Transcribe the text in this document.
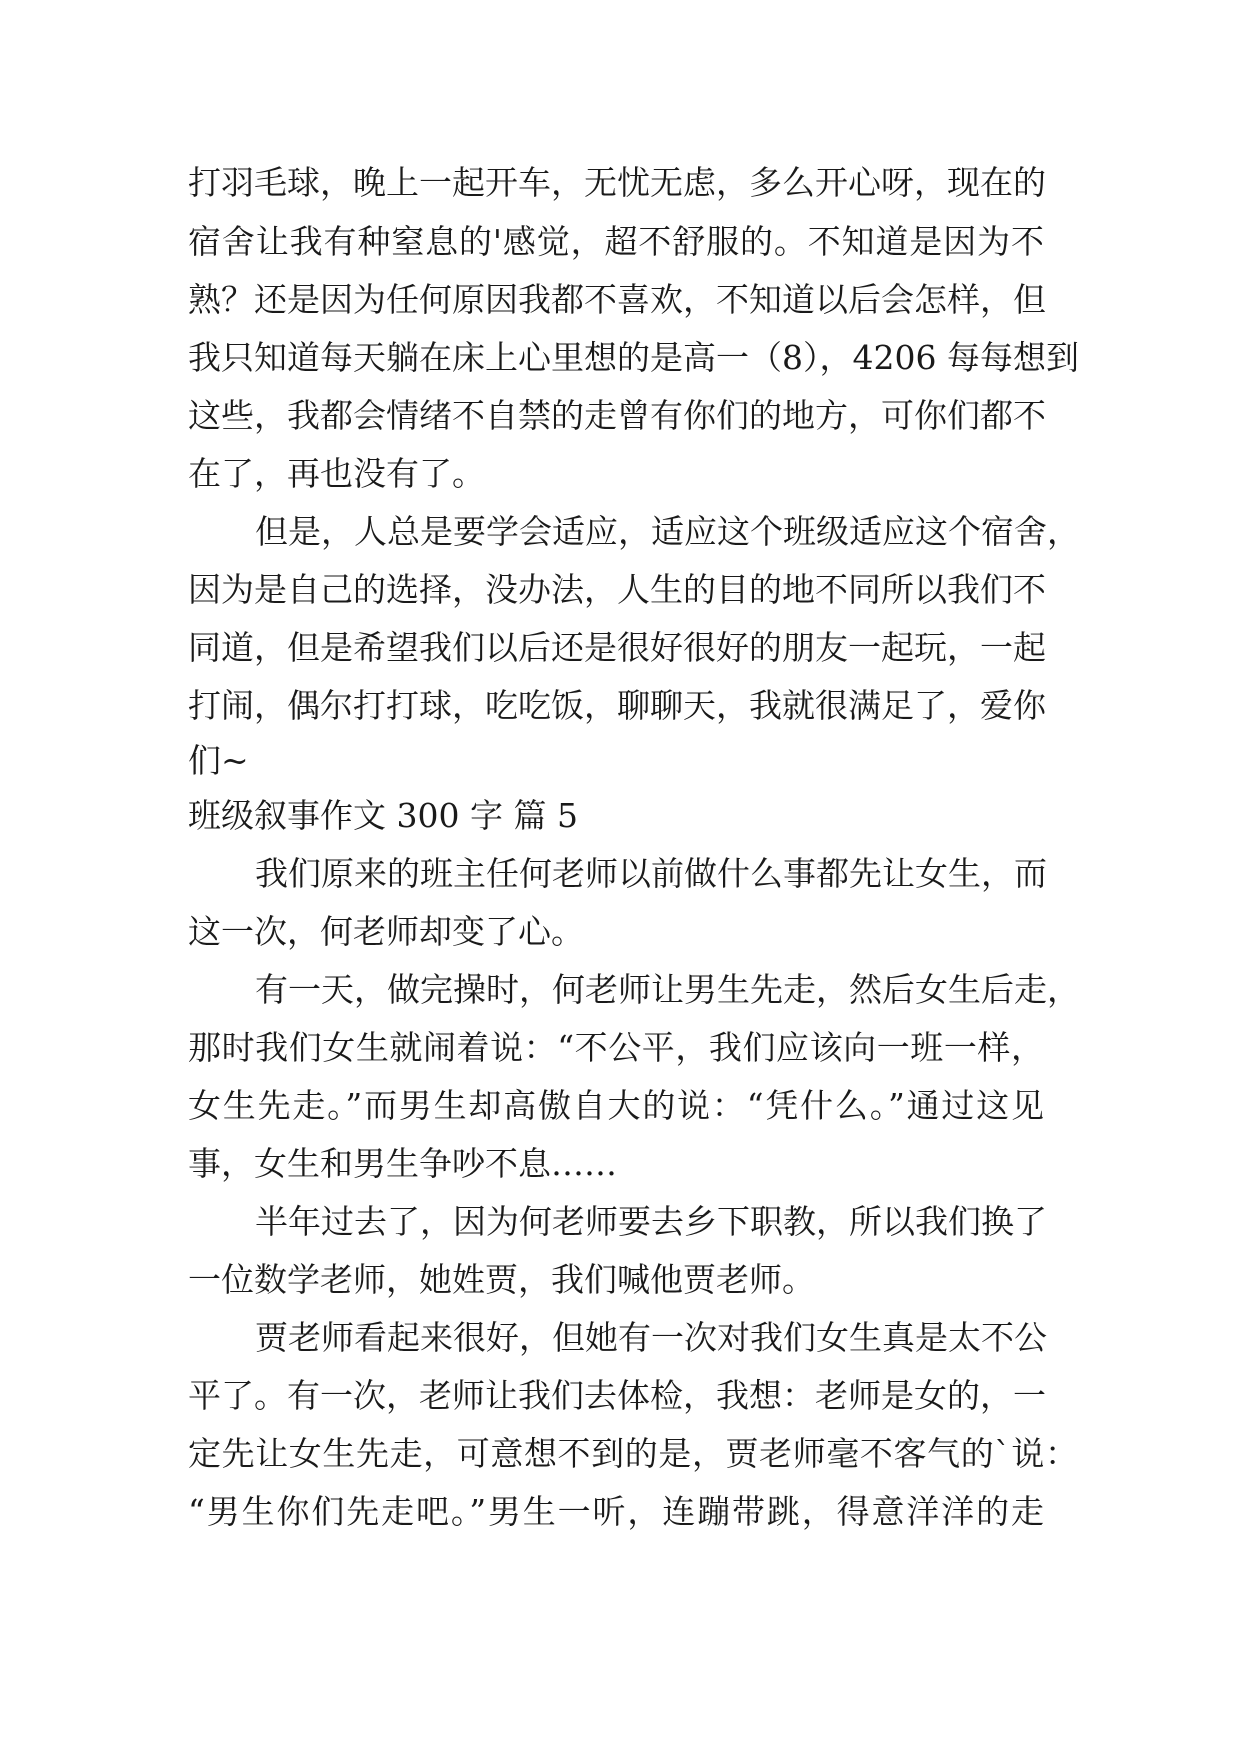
打羽毛球，晚上一起开车，无忧无虑，多么开心呀，现在的
宿舍让我有种窒息的'感觉，超不舒服的。不知道是因为不
熟？还是因为任何原因我都不喜欢，不知道以后会怎样，但
我只知道每天躺在床上心里想的是高一（8），4206 每每想到
这些，我都会情绪不自禁的走曾有你们的地方，可你们都不
在了，再也没有了。
但是，人总是要学会适应，适应这个班级适应这个宿舍，
因为是自己的选择，没办法，人生的目的地不同所以我们不
同道，但是希望我们以后还是很好很好的朋友一起玩，一起
打闹，偶尔打打球，吃吃饭，聊聊天，我就很满足了，爱你
们~
班级叙事作文 300 字 篇 5
我们原来的班主任何老师以前做什么事都先让女生，而
这一次，何老师却变了心。
有一天，做完操时，何老师让男生先走，然后女生后走，
那时我们女生就闹着说：“不公平，我们应该向一班一样，
女生先走。”而男生却高傲自大的说：“凭什么。”通过这见
事，女生和男生争吵不息……
半年过去了，因为何老师要去乡下职教，所以我们换了
一位数学老师，她姓贾，我们喊他贾老师。
贾老师看起来很好，但她有一次对我们女生真是太不公
平了。有一次，老师让我们去体检，我想：老师是女的，一
定先让女生先走，可意想不到的是，贾老师毫不客气的`说：
“男生你们先走吧。”男生一听，连蹦带跳，得意洋洋的走
